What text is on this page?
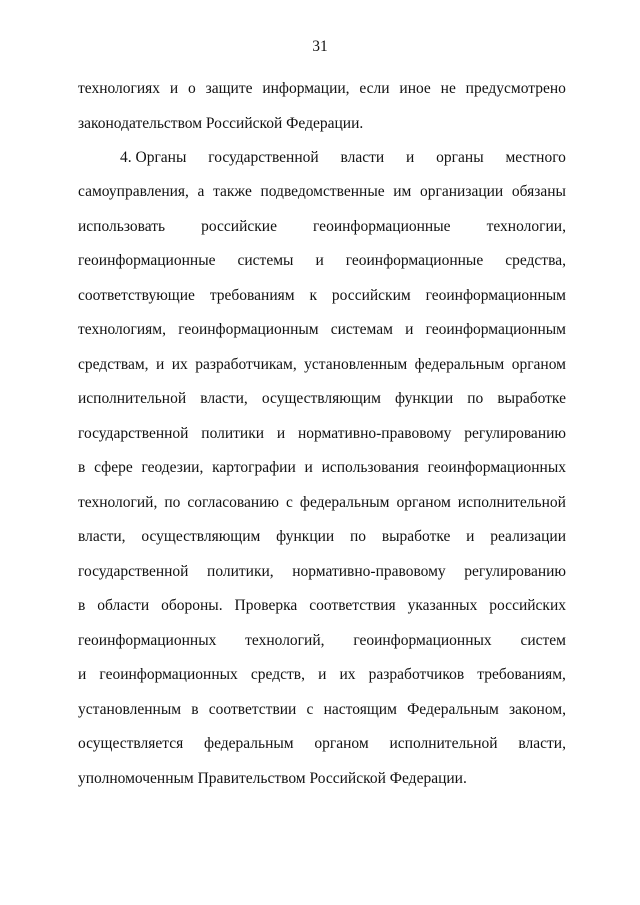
31
технологиях и о защите информации, если иное не предусмотрено
законодательством Российской Федерации.
4. Органы государственной власти и органы местного
самоуправления, а также подведомственные им организации обязаны
использовать российские геоинформационные технологии,
геоинформационные системы и геоинформационные средства,
соответствующие требованиям к российским геоинформационным
технологиям, геоинформационным системам и геоинформационным
средствам, и их разработчикам, установленным федеральным органом
исполнительной власти, осуществляющим функции по выработке
государственной политики и нормативно-правовому регулированию
в сфере геодезии, картографии и использования геоинформационных
технологий, по согласованию с федеральным органом исполнительной
власти, осуществляющим функции по выработке и реализации
государственной политики, нормативно-правовому регулированию
в области обороны. Проверка соответствия указанных российских
геоинформационных технологий, геоинформационных систем
и геоинформационных средств, и их разработчиков требованиям,
установленным в соответствии с настоящим Федеральным законом,
осуществляется федеральным органом исполнительной власти,
уполномоченным Правительством Российской Федерации.
